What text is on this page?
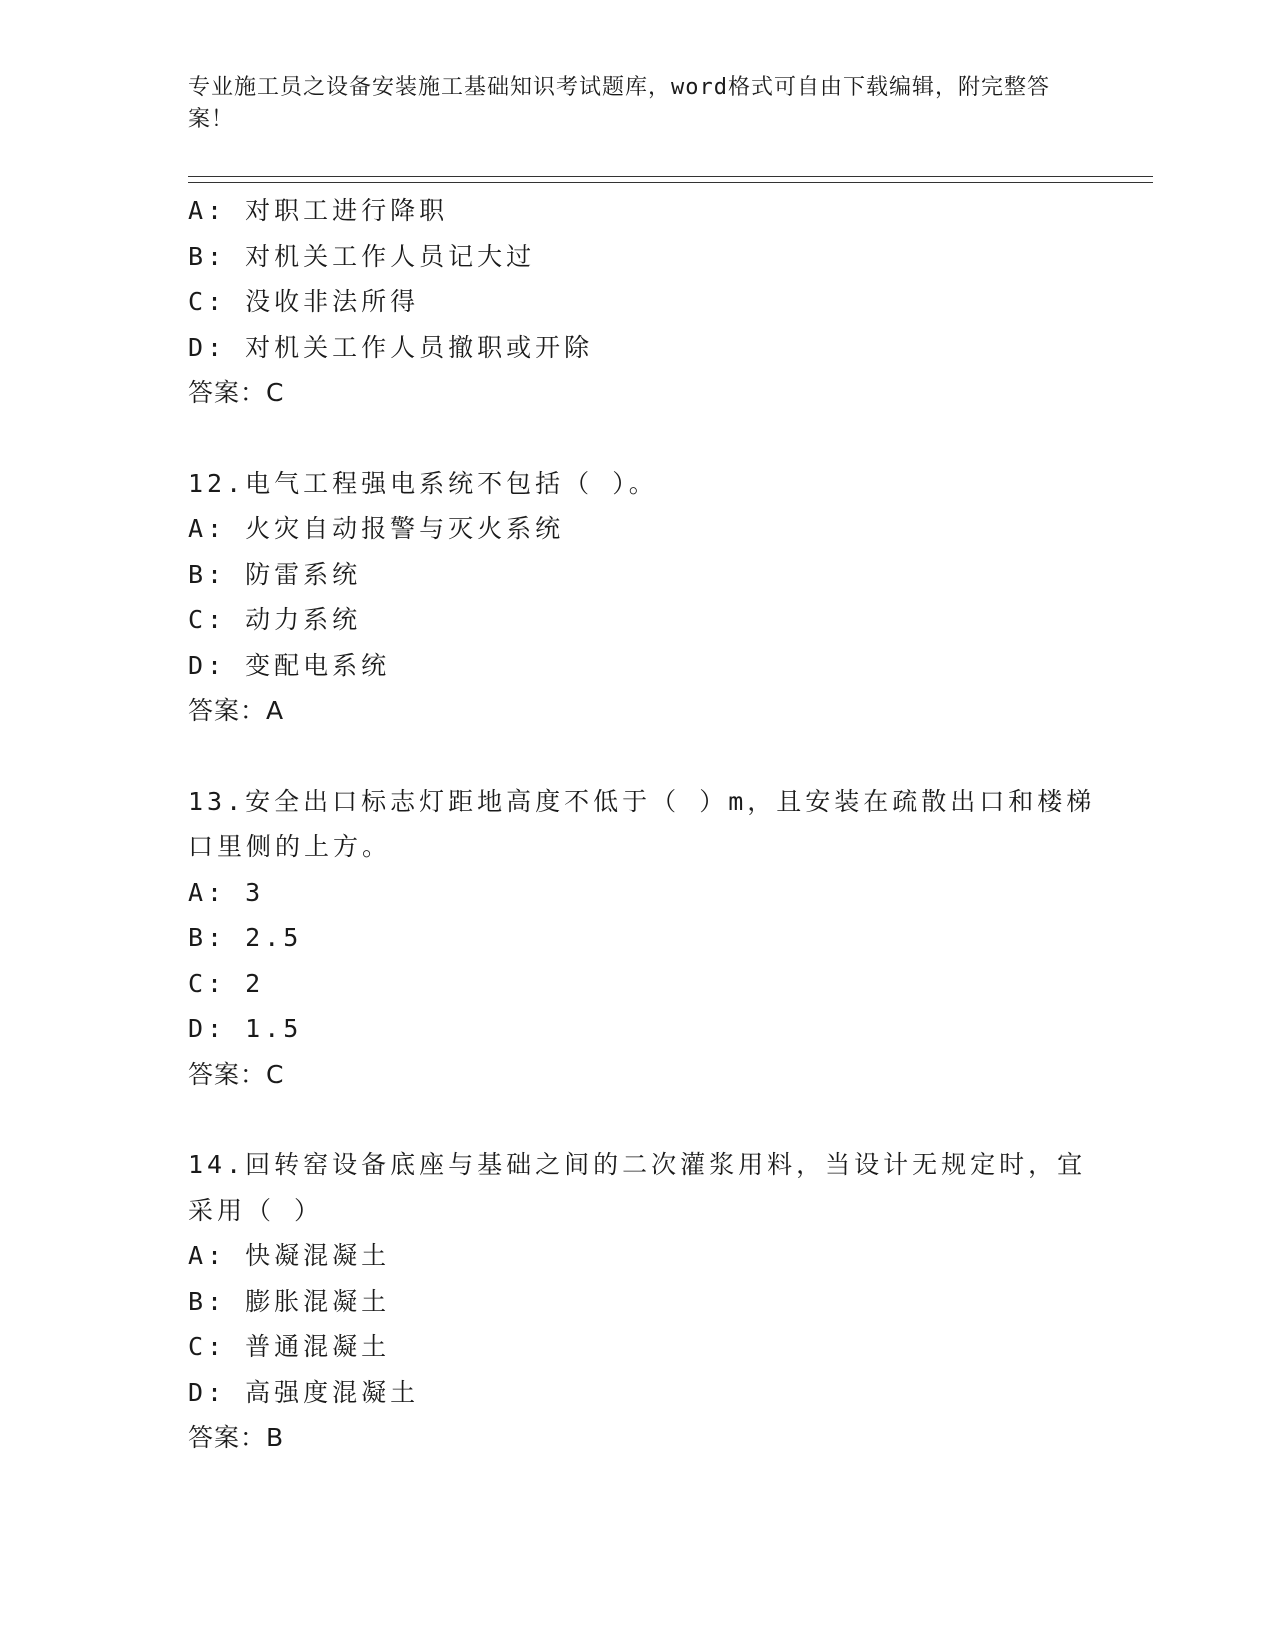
专业施工员之设备安装施工基础知识考试题库，word格式可自由下载编辑，附完整答案！
A: 对职工进行降职
B: 对机关工作人员记大过
C: 没收非法所得
D: 对机关工作人员撤职或开除
答案：C
12.电气工程强电系统不包括（ ）。
A: 火灾自动报警与灭火系统
B: 防雷系统
C: 动力系统
D: 变配电系统
答案：A
13.安全出口标志灯距地高度不低于（ ）m，且安装在疏散出口和楼梯
口里侧的上方。
A: 3
B: 2.5
C: 2
D: 1.5
答案：C
14.回转窑设备底座与基础之间的二次灌浆用料，当设计无规定时，宜
采用（ ）
A: 快凝混凝土
B: 膨胀混凝土
C: 普通混凝土
D: 高强度混凝土
答案：B
